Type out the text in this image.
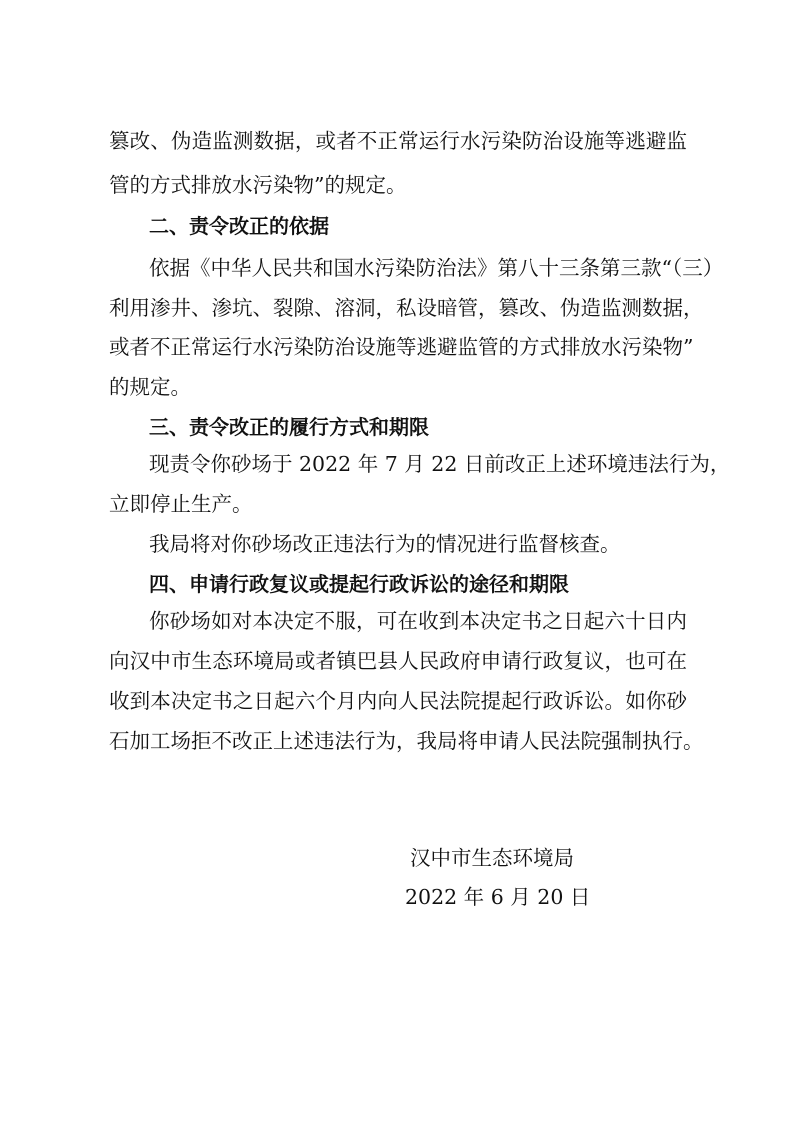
篡改、伪造监测数据，或者不正常运行水污染防治设施等逃避监
管的方式排放水污染物”的规定。
二、责令改正的依据
依据《中华人民共和国水污染防治法》第八十三条第三款“（三）
利用渗井、渗坑、裂隙、溶洞，私设暗管，篡改、伪造监测数据，
或者不正常运行水污染防治设施等逃避监管的方式排放水污染物”
的规定。
三、责令改正的履行方式和期限
现责令你砂场于 2022 年 7 月 22 日前改正上述环境违法行为，
立即停止生产。
我局将对你砂场改正违法行为的情况进行监督核查。
四、申请行政复议或提起行政诉讼的途径和期限
你砂场如对本决定不服，可在收到本决定书之日起六十日内
向汉中市生态环境局或者镇巴县人民政府申请行政复议，也可在
收到本决定书之日起六个月内向人民法院提起行政诉讼。如你砂
石加工场拒不改正上述违法行为，我局将申请人民法院强制执行。
汉中市生态环境局
2022 年 6 月 20 日
